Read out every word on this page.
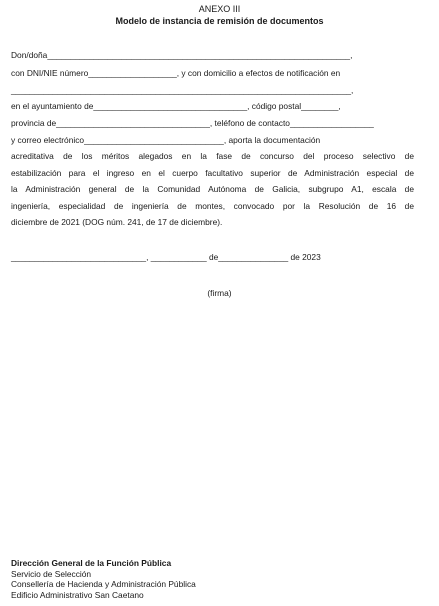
ANEXO III
Modelo de instancia de remisión de documentos
Don/doña_________________________________________________________________,
con DNI/NIE número___________________, y con domicilio a efectos de notificación en
_________________________________________________________________________,
en el ayuntamiento de_________________________________, código postal________,
provincia de_________________________________, teléfono de contacto__________________
y correo electrónico______________________________, aporta la documentación

acreditativa de los méritos alegados en la fase de concurso del proceso selectivo de

estabilización para el ingreso en el cuerpo facultativo superior de Administración especial de

la Administración general de la Comunidad Autónoma de Galicia, subgrupo A1, escala de

ingeniería, especialidad de ingeniería de montes, convocado por la Resolución de 16 de

diciembre de 2021 (DOG núm. 241, de 17 de diciembre).

_____________________________, ____________ de_______________ de 2023
(firma)
Dirección General de la Función Pública
Servicio de Selección
Consellería de Hacienda y Administración Pública
Edificio Administrativo San Caetano
